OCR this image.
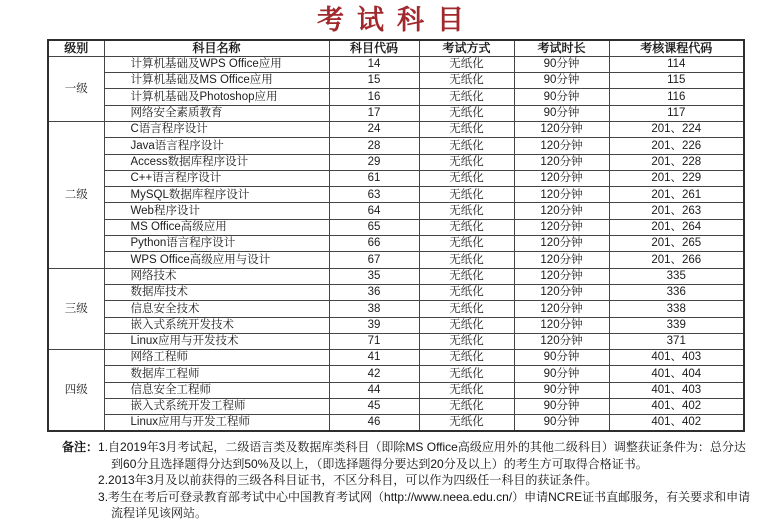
考试科目
级别	科目名称	科目代码	考试方式	考试时长	考核课程代码
一级	计算机基础及WPS Office应用	14	无纸化	90分钟	114
	计算机基础及MS Office应用	15	无纸化	90分钟	115
	计算机基础及Photoshop应用	16	无纸化	90分钟	116
	网络安全素质教育	17	无纸化	90分钟	117
二级	C语言程序设计	24	无纸化	120分钟	201、224
	Java语言程序设计	28	无纸化	120分钟	201、226
	Access数据库程序设计	29	无纸化	120分钟	201、228
	C++语言程序设计	61	无纸化	120分钟	201、229
	MySQL数据库程序设计	63	无纸化	120分钟	201、261
	Web程序设计	64	无纸化	120分钟	201、263
	MS Office高级应用	65	无纸化	120分钟	201、264
	Python语言程序设计	66	无纸化	120分钟	201、265
	WPS Office高级应用与设计	67	无纸化	120分钟	201、266
三级	网络技术	35	无纸化	120分钟	335
	数据库技术	36	无纸化	120分钟	336
	信息安全技术	38	无纸化	120分钟	338
	嵌入式系统开发技术	39	无纸化	120分钟	339
	Linux应用与开发技术	71	无纸化	120分钟	371
四级	网络工程师	41	无纸化	90分钟	401、403
	数据库工程师	42	无纸化	90分钟	401、404
	信息安全工程师	44	无纸化	90分钟	401、403
	嵌入式系统开发工程师	45	无纸化	90分钟	401、402
	Linux应用与开发工程师	46	无纸化	90分钟	401、402
备注： 1.自2019年3月考试起，二级语言类及数据库类科目（即除MS Office高级应用外的其他二级科目）调整获证条件为：总分达到60分且选择题得分达到50%及以上，（即选择题得分要达到20分及以上）的考生方可取得合格证书。
2.2013年3月及以前获得的三级各科目证书，不区分科目，可以作为四级任一科目的获证条件。
3.考生在考后可登录教育部考试中心中国教育考试网（http://www.neea.edu.cn/）申请NCRE证书直邮服务，有关要求和申请流程详见该网站。
